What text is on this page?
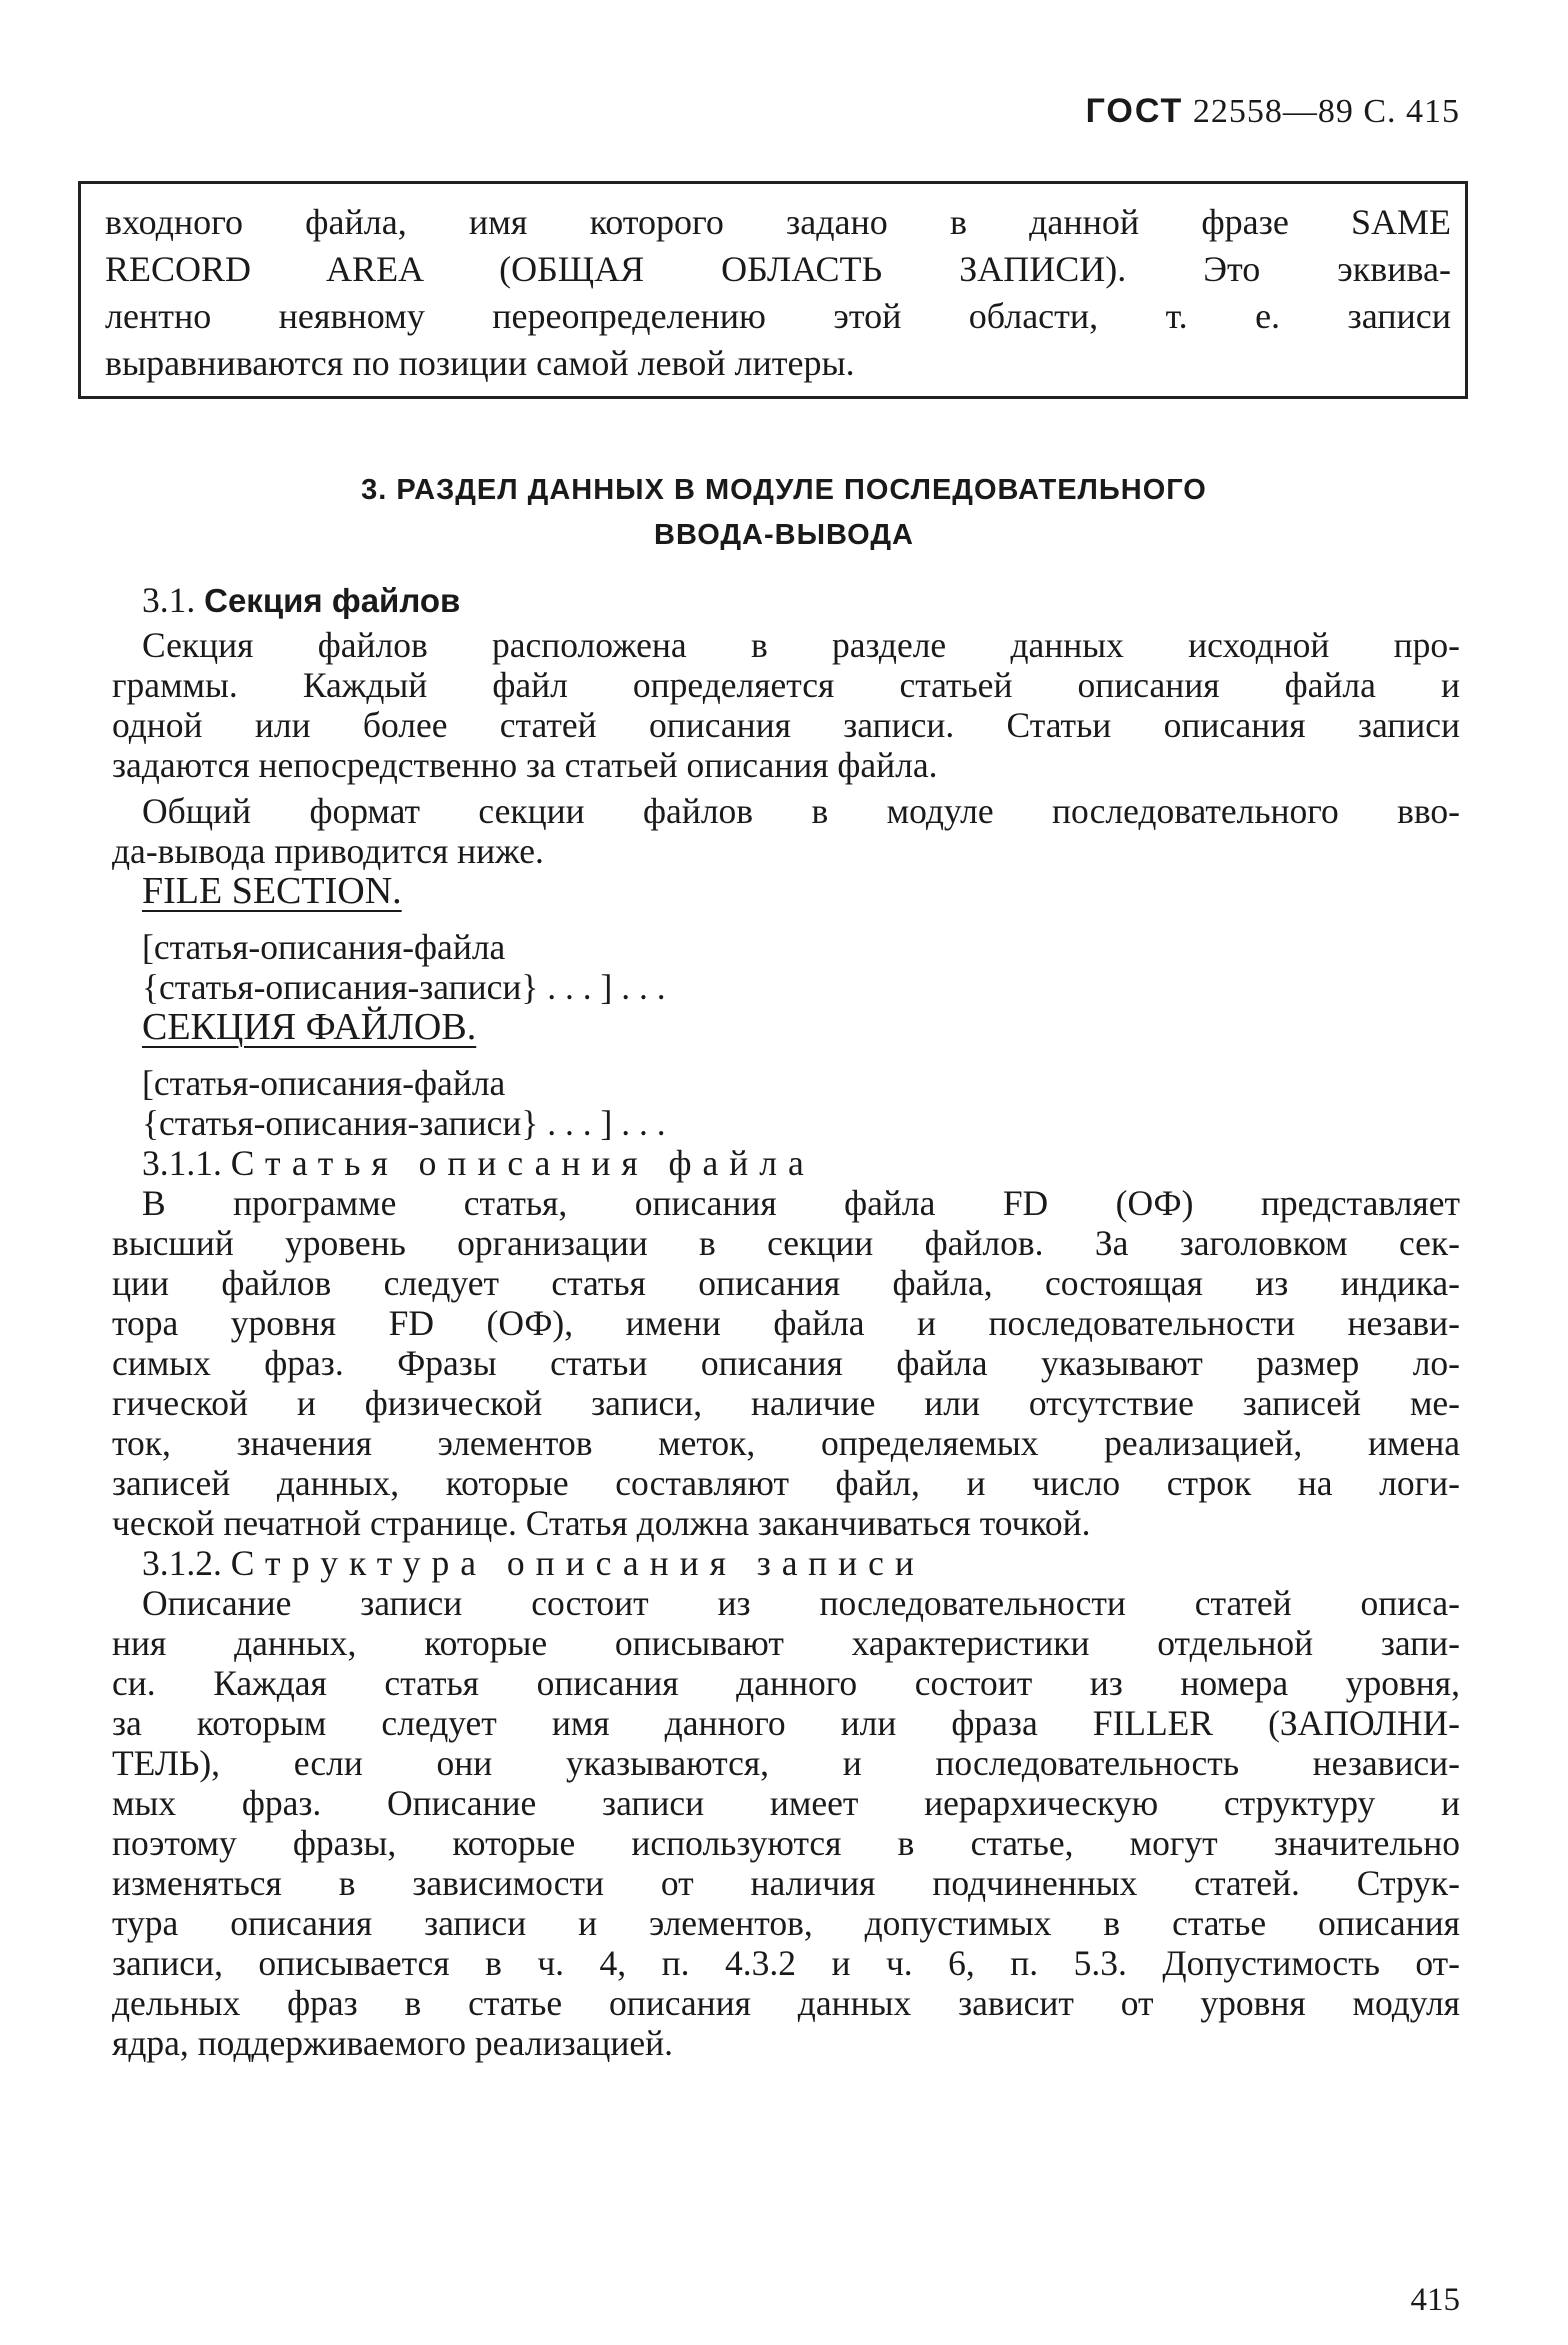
ГОСТ 22558—89 С. 415
входного файла, имя которого задано в данной фразе SAME
RECORD AREA (ОБЩАЯ ОБЛАСТЬ ЗАПИСИ). Это эквива-
лентно неявному переопределению этой области, т. е. записи
выравниваются по позиции самой левой литеры.
3. РАЗДЕЛ ДАННЫХ В МОДУЛЕ ПОСЛЕДОВАТЕЛЬНОГО
ВВОДА-ВЫВОДА
3.1. Секция файлов
Секция файлов расположена в разделе данных исходной про-
граммы. Каждый файл определяется статьей описания файла и
одной или более статей описания записи. Статьи описания записи
задаются непосредственно за статьей описания файла.
Общий формат секции файлов в модуле последовательного вво-
да-вывода приводится ниже.
FILE SECTION.
[статья-описания-файла
{статья-описания-записи} . . . ] . . .
СЕКЦИЯ ФАЙЛОВ.
[статья-описания-файла
{статья-описания-записи} . . . ] . . .
3.1.1. Статья описания файла
В программе статья, описания файла FD (ОФ) представляет
высший уровень организации в секции файлов. За заголовком сек-
ции файлов следует статья описания файла, состоящая из индика-
тора уровня FD (ОФ), имени файла и последовательности незави-
симых фраз. Фразы статьи описания файла указывают размер ло-
гической и физической записи, наличие или отсутствие записей ме-
ток, значения элементов меток, определяемых реализацией, имена
записей данных, которые составляют файл, и число строк на логи-
ческой печатной странице. Статья должна заканчиваться точкой.
3.1.2. Структура описания записи
Описание записи состоит из последовательности статей описа-
ния данных, которые описывают характеристики отдельной запи-
си. Каждая статья описания данного состоит из номера уровня,
за которым следует имя данного или фраза FILLER (ЗАПОЛНИ-
ТЕЛЬ), если они указываются, и последовательность независи-
мых фраз. Описание записи имеет иерархическую структуру и
поэтому фразы, которые используются в статье, могут значительно
изменяться в зависимости от наличия подчиненных статей. Струк-
тура описания записи и элементов, допустимых в статье описания
записи, описывается в ч. 4, п. 4.3.2 и ч. 6, п. 5.3. Допустимость от-
дельных фраз в статье описания данных зависит от уровня модуля
ядра, поддерживаемого реализацией.
415
